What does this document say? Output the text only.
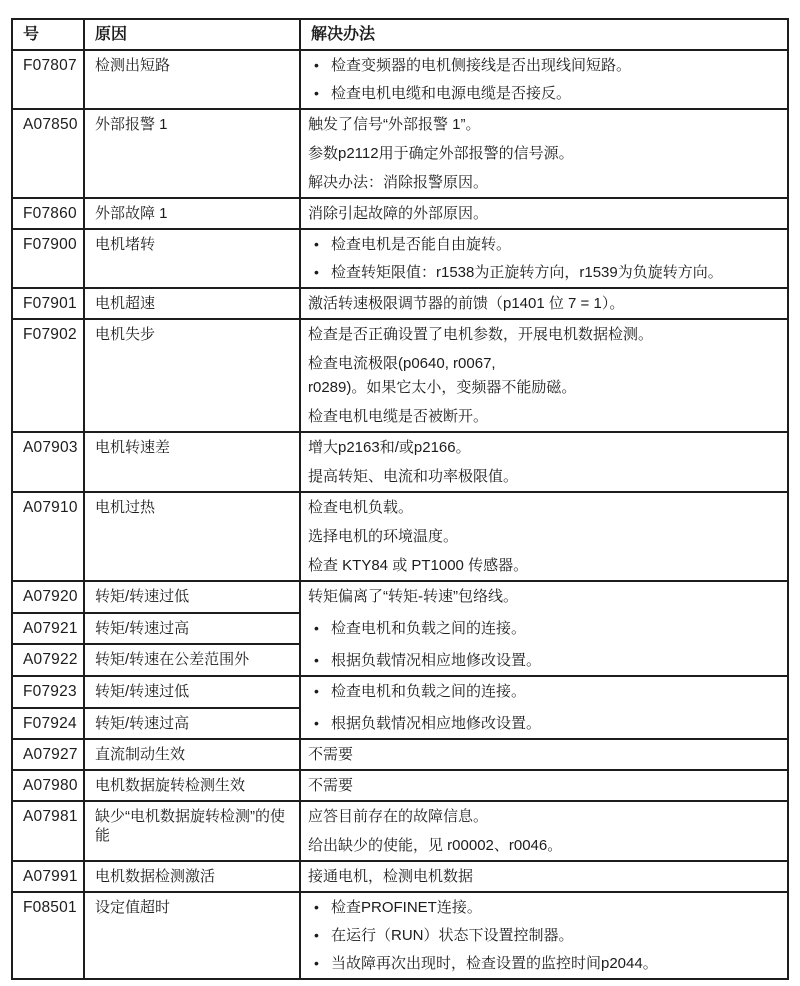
号	原因	解决办法
F07807	检测出短路	• 检查变频器的电机侧接线是否出现线间短路。
• 检查电机电缆和电源电缆是否接反。

A07850	外部报警 1	触发了信号“外部报警 1”。
参数p2112用于确定外部报警的信号源。
解决办法：消除报警原因。

F07860	外部故障 1	消除引起故障的外部原因。

F07900	电机堵转	• 检查电机是否能自由旋转。
• 检查转矩限值：r1538为正旋转方向，r1539为负旋转方向。

F07901	电机超速	激活转速极限调节器的前馈（p1401 位 7 = 1）。

F07902	电机失步	检查是否正确设置了电机参数，开展电机数据检测。
检查电流极限(p0640, r0067,
r0289)。如果它太小，变频器不能励磁。
检查电机电缆是否被断开。

A07903	电机转速差	增大p2163和/或p2166。
提高转矩、电流和功率极限值。

A07910	电机过热	检查电机负载。
选择电机的环境温度。
检查 KTY84 或 PT1000 传感器。

A07920	转矩/转速过低	转矩偏离了“转矩-转速”包络线。
• 检查电机和负载之间的连接。
• 根据负载情况相应地修改设置。

A07921	转矩/转速过高	
A07922	转矩/转速在公差范围外	
F07923	转矩/转速过低	• 检查电机和负载之间的连接。
• 根据负载情况相应地修改设置。

F07924	转矩/转速过高	
A07927	直流制动生效	不需要

A07980	电机数据旋转检测生效	不需要

A07981	缺少“电机数据旋转检测”的使能	应答目前存在的故障信息。
给出缺少的使能，见 r00002、r0046。

A07991	电机数据检测激活	接通电机，检测电机数据

F08501	设定值超时	• 检查PROFINET连接。
• 在运行（RUN）状态下设置控制器。
• 当故障再次出现时，检查设置的监控时间p2044。
